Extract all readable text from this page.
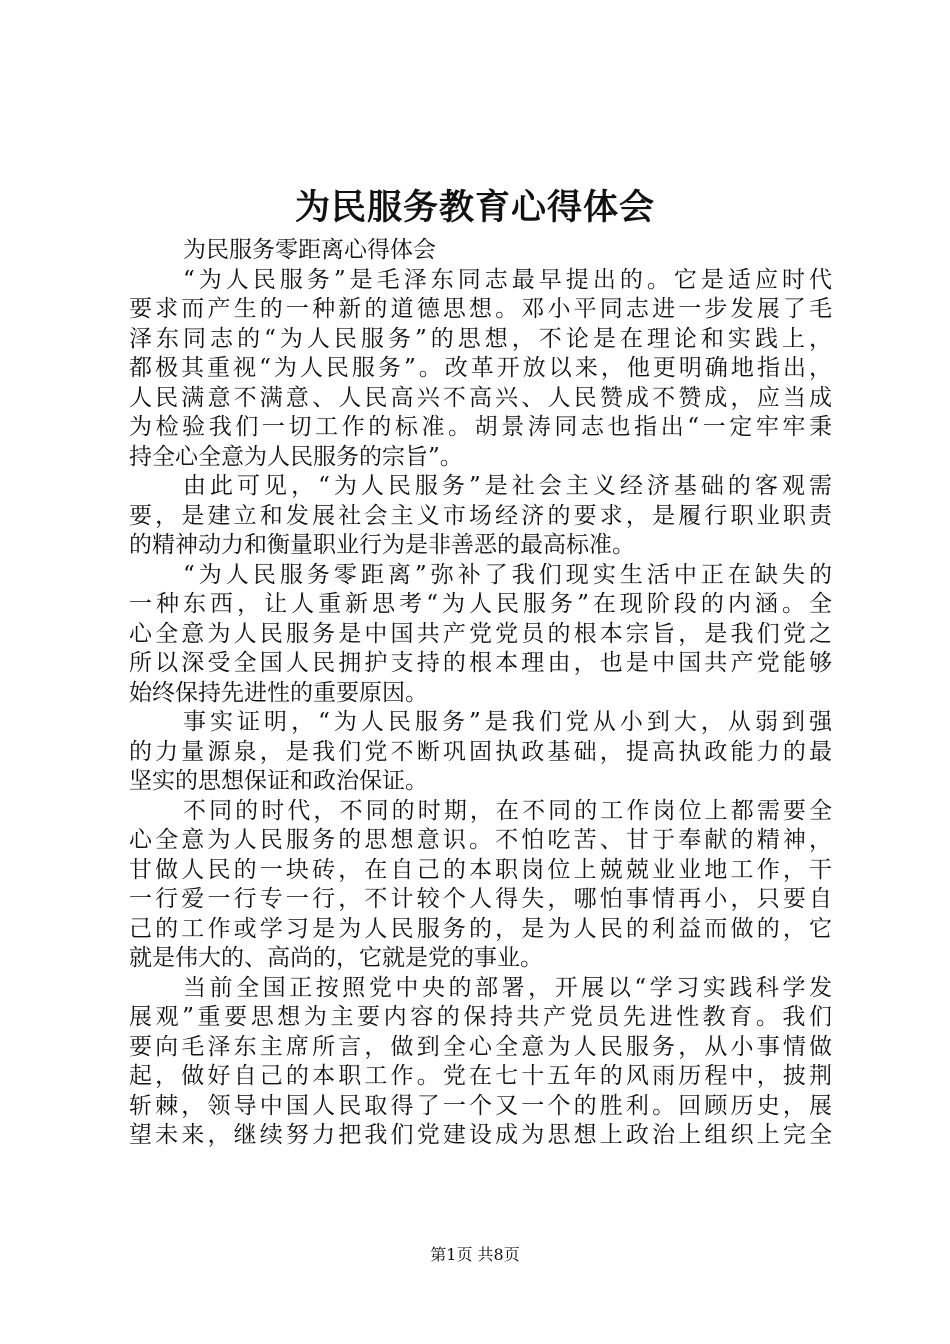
为民服务教育心得体会
为民服务零距离心得体会
“为人民服务”是毛泽东同志最早提出的。它是适应时代
要求而产生的一种新的道德思想。邓小平同志进一步发展了毛
泽东同志的“为人民服务”的思想，不论是在理论和实践上，
都极其重视“为人民服务”。改革开放以来，他更明确地指出，
人民满意不满意、人民高兴不高兴、人民赞成不赞成，应当成
为检验我们一切工作的标准。胡景涛同志也指出“一定牢牢秉
持全心全意为人民服务的宗旨”。
由此可见，“为人民服务”是社会主义经济基础的客观需
要，是建立和发展社会主义市场经济的要求，是履行职业职责
的精神动力和衡量职业行为是非善恶的最高标准。
“为人民服务零距离”弥补了我们现实生活中正在缺失的
一种东西，让人重新思考“为人民服务”在现阶段的内涵。全
心全意为人民服务是中国共产党党员的根本宗旨，是我们党之
所以深受全国人民拥护支持的根本理由，也是中国共产党能够
始终保持先进性的重要原因。
事实证明，“为人民服务”是我们党从小到大，从弱到强
的力量源泉，是我们党不断巩固执政基础，提高执政能力的最
坚实的思想保证和政治保证。
不同的时代，不同的时期，在不同的工作岗位上都需要全
心全意为人民服务的思想意识。不怕吃苦、甘于奉献的精神，
甘做人民的一块砖，在自己的本职岗位上兢兢业业地工作，干
一行爱一行专一行，不计较个人得失，哪怕事情再小，只要自
己的工作或学习是为人民服务的，是为人民的利益而做的，它
就是伟大的、高尚的，它就是党的事业。
当前全国正按照党中央的部署，开展以“学习实践科学发
展观”重要思想为主要内容的保持共产党员先进性教育。我们
要向毛泽东主席所言，做到全心全意为人民服务，从小事情做
起，做好自己的本职工作。党在七十五年的风雨历程中，披荆
斩棘，领导中国人民取得了一个又一个的胜利。回顾历史，展
望未来，继续努力把我们党建设成为思想上政治上组织上完全
第1页 共8页
